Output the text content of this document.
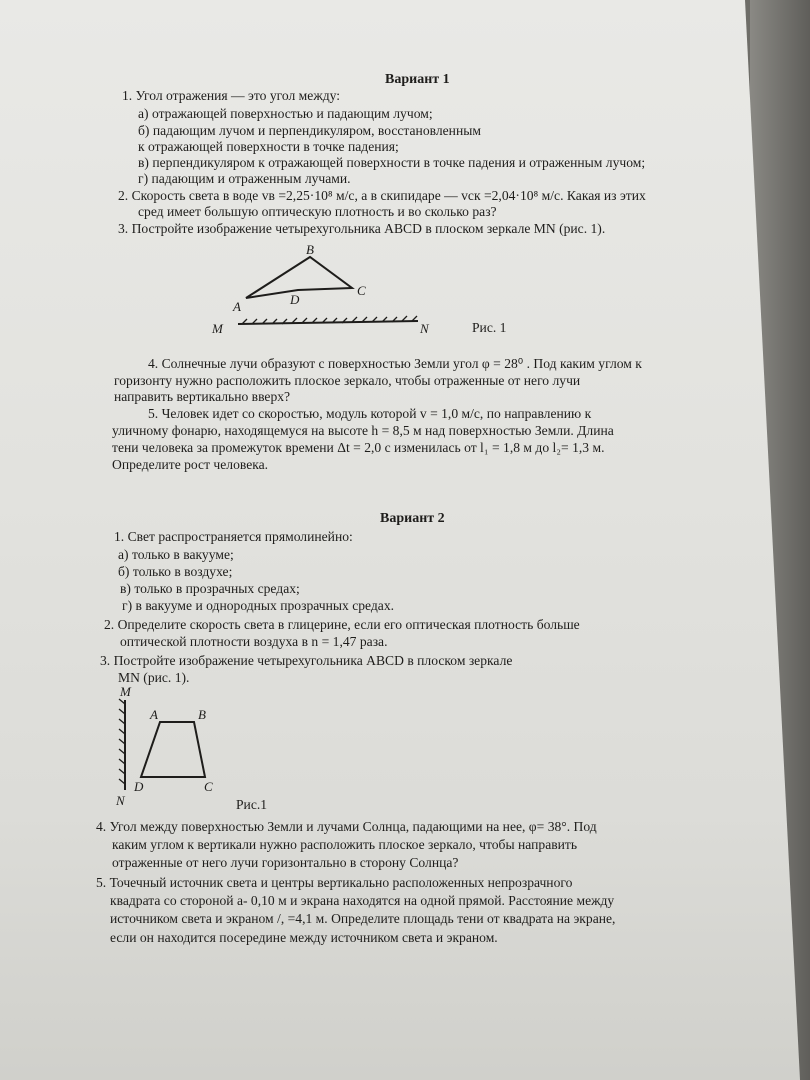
Вариант 1
1. Угол отражения — это угол между:
а) отражающей поверхностью и падающим лучом;
б) падающим лучом и перпендикуляром, восстановленным
к отражающей поверхности в точке падения;
в) перпендикуляром к отражающей поверхности в точке падения и отраженным лучом;
г) падающим и отраженным лучами.
2. Скорость света в воде vв =2,25·10⁸ м/с, а в скипидаре — vск =2,04·10⁸ м/с. Какая из этих
сред имеет большую оптическую плотность и во сколько раз?
3. Постройте изображение четырехугольника ABCD в плоском зеркале MN (рис. 1).
B
A
C
D
M	N	Рис. 1
4. Солнечные лучи образуют с поверхностью Земли угол φ = 28⁰ . Под каким углом к
горизонту нужно расположить плоское зеркало, чтобы отраженные от него лучи
направить вертикально вверх?
5. Человек идет со скоростью, модуль которой v = 1,0 м/с, по направлению к
уличному фонарю, находящемуся на высоте h = 8,5 м над поверхностью Земли. Длина
тени человека за промежуток времени Δt = 2,0 с изменилась от l₁ = 1,8 м до l₂= 1,3 м.
Определите рост человека.
Вариант 2
1. Свет распространяется прямолинейно:
а) только в вакууме;
б) только в воздухе;
в) только в прозрачных средах;
г) в вакууме и однородных прозрачных средах.
2. Определите скорость света в глицерине, если его оптическая плотность больше
оптической плотности воздуха в n = 1,47 раза.
3. Постройте изображение четырехугольника ABCD в плоском зеркале
MN (рис. 1).
M
A	B
D	C
N	Рис.1
4. Угол между поверхностью Земли и лучами Солнца, падающими на нее, φ= 38°. Под
каким углом к вертикали нужно расположить плоское зеркало, чтобы направить
отраженные от него лучи горизонтально в сторону Солнца?
5. Точечный источник света и центры вертикально расположенных непрозрачного
квадрата со стороной a- 0,10 м и экрана находятся на одной прямой. Расстояние между
источником света и экраном /, =4,1 м. Определите площадь тени от квадрата на экране,
если он находится посередине между источником света и экраном.
